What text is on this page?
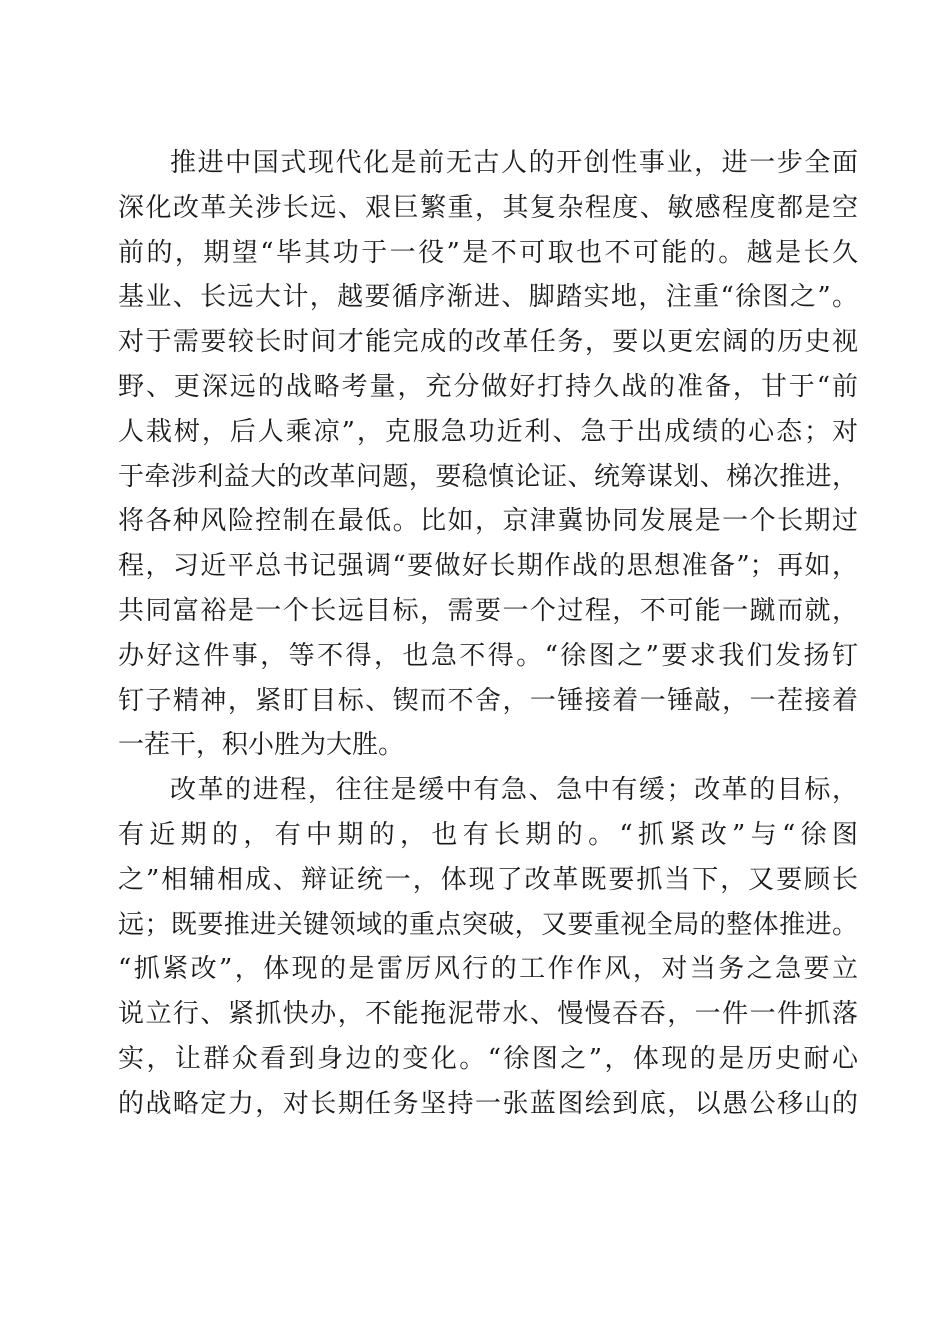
推进中国式现代化是前无古人的开创性事业，进一步全面
深化改革关涉长远、艰巨繁重，其复杂程度、敏感程度都是空
前的，期望“毕其功于一役”是不可取也不可能的。越是长久
基业、长远大计，越要循序渐进、脚踏实地，注重“徐图之”。
对于需要较长时间才能完成的改革任务，要以更宏阔的历史视
野、更深远的战略考量，充分做好打持久战的准备，甘于“前
人栽树，后人乘凉”，克服急功近利、急于出成绩的心态；对
于牵涉利益大的改革问题，要稳慎论证、统筹谋划、梯次推进，
将各种风险控制在最低。比如，京津冀协同发展是一个长期过
程，习近平总书记强调“要做好长期作战的思想准备”；再如，
共同富裕是一个长远目标，需要一个过程，不可能一蹴而就，
办好这件事，等不得，也急不得。“徐图之”要求我们发扬钉
钉子精神，紧盯目标、锲而不舍，一锤接着一锤敲，一茬接着
一茬干，积小胜为大胜。
改革的进程，往往是缓中有急、急中有缓；改革的目标，
有近期的，有中期的，也有长期的。“抓紧改”与“徐图
之”相辅相成、辩证统一，体现了改革既要抓当下，又要顾长
远；既要推进关键领域的重点突破，又要重视全局的整体推进。
“抓紧改”，体现的是雷厉风行的工作作风，对当务之急要立
说立行、紧抓快办，不能拖泥带水、慢慢吞吞，一件一件抓落
实，让群众看到身边的变化。“徐图之”，体现的是历史耐心
的战略定力，对长期任务坚持一张蓝图绘到底，以愚公移山的
